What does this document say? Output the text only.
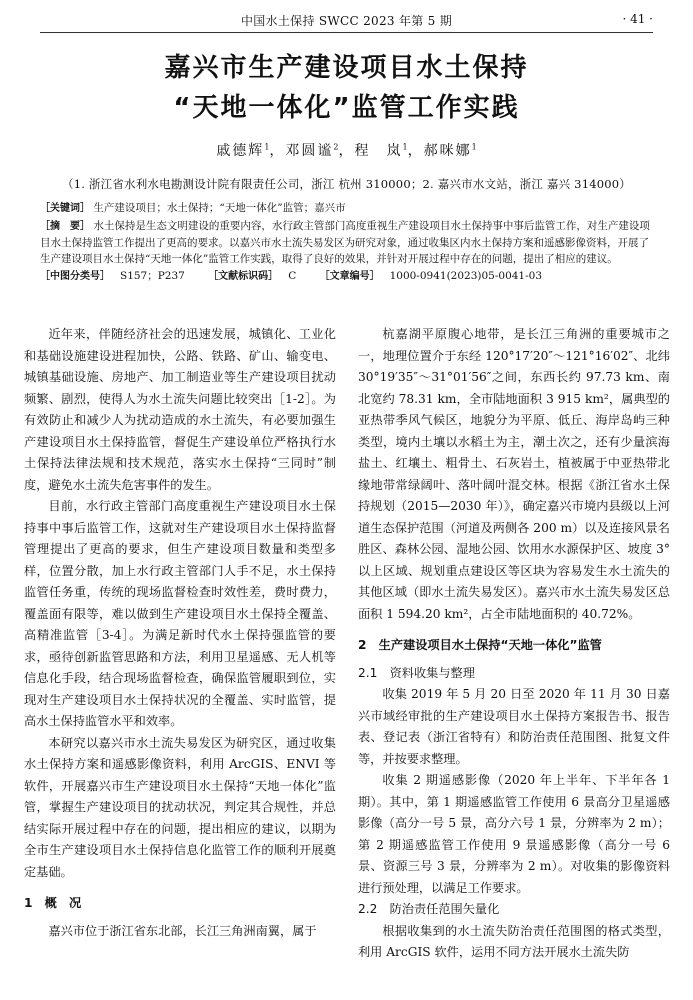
中国水土保持 SWCC 2023 年第 5 期	· 41 ·
嘉兴市生产建设项目水土保持
“天地一体化”监管工作实践
戚德辉$^1$，邓圆谧$^2$，程　岚$^1$，郝咪娜$^1$
（1. 浙江省水利水电勘测设计院有限责任公司，浙江 杭州 310000；2. 嘉兴市水文站，浙江 嘉兴 314000）
［关键词］ 生产建设项目；水土保持；“天地一体化”监管；嘉兴市
［摘　要］ 水土保持是生态文明建设的重要内容，水行政主管部门高度重视生产建设项目水土保持事中事后监管工作，对生产建设项目水土保持监管工作提出了更高的要求。以嘉兴市水土流失易发区为研究对象，通过收集区内水土保持方案和遥感影像资料，开展了生产建设项目水土保持“天地一体化”监管工作实践，取得了良好的效果，并针对开展过程中存在的问题，提出了相应的建议。
［中图分类号］ S157；P237 ［文献标识码］ C ［文章编号］ 1000-0941(2023)05-0041-03

近年来，伴随经济社会的迅速发展，城镇化、工业化和基础设施建设进程加快，公路、铁路、矿山、输变电、城镇基础设施、房地产、加工制造业等生产建设项目扰动频繁、剧烈，使得人为水土流失问题比较突出［1-2］。为有效防止和减少人为扰动造成的水土流失，有必要加强生产建设项目水土保持监管，督促生产建设单位严格执行水土保持法律法规和技术规范，落实水土保持“三同时”制度，避免水土流失危害事件的发生。

目前，水行政主管部门高度重视生产建设项目水土保持事中事后监管工作，这就对生产建设项目水土保持监督管理提出了更高的要求，但生产建设项目数量和类型多样，位置分散，加上水行政主管部门人手不足，水土保持监管任务重，传统的现场监督检查时效性差，费时费力，覆盖面有限等，难以做到生产建设项目水土保持全覆盖、高精准监管［3-4］。为满足新时代水土保持强监管的要求，亟待创新监管思路和方法，利用卫星遥感、无人机等信息化手段，结合现场监督检查，确保监管履职到位，实现对生产建设项目水土保持状况的全覆盖、实时监管，提高水土保持监管水平和效率。

本研究以嘉兴市水土流失易发区为研究区，通过收集水土保持方案和遥感影像资料，利用 ArcGIS、ENVI 等软件，开展嘉兴市生产建设项目水土保持“天地一体化”监管，掌握生产建设项目的扰动状况，判定其合规性，并总结实际开展过程中存在的问题，提出相应的建议，以期为全市生产建设项目水土保持信息化监管工作的顺利开展奠定基础。

1　概　况

嘉兴市位于浙江省东北部，长江三角洲南翼，属于

杭嘉湖平原腹心地带，是长江三角洲的重要城市之一，地理位置介于东经 120°17′20″～121°16′02″、北纬 30°19′35″～31°01′56″之间，东西长约 97.73 km、南北宽约 78.31 km，全市陆地面积 3 915 km²，属典型的亚热带季风气候区，地貌分为平原、低丘、海岸岛屿三种类型，境内土壤以水稻土为主，潮土次之，还有少量滨海盐土、红壤土、粗骨土、石灰岩土，植被属于中亚热带北缘地带常绿阔叶、落叶阔叶混交林。根据《浙江省水土保持规划（2015—2030 年）》，确定嘉兴市境内县级以上河道生态保护范围（河道及两侧各 200 m）以及连接风景名胜区、森林公园、湿地公园、饮用水水源保护区、坡度 3°以上区域、规划重点建设区等区块为容易发生水土流失的其他区域（即水土流失易发区）。嘉兴市水土流失易发区总面积 1 594.20 km²，占全市陆地面积的 40.72%。

2　生产建设项目水土保持“天地一体化”监管
2.1　资料收集与整理

收集 2019 年 5 月 20 日至 2020 年 11 月 30 日嘉兴市域经审批的生产建设项目水土保持方案报告书、报告表、登记表（浙江省特有）和防治责任范围图、批复文件等，并按要求整理。

收集 2 期遥感影像（2020 年上半年、下半年各 1 期）。其中，第 1 期遥感监管工作使用 6 景高分卫星遥感影像（高分一号 5 景，高分六号 1 景，分辨率为 2 m）；第 2 期遥感监管工作使用 9 景遥感影像（高分一号 6 景、资源三号 3 景，分辨率为 2 m）。对收集的影像资料进行预处理，以满足工作要求。

2.2　防治责任范围矢量化

根据收集到的水土流失防治责任范围图的格式类型，利用 ArcGIS 软件，运用不同方法开展水土流失防
